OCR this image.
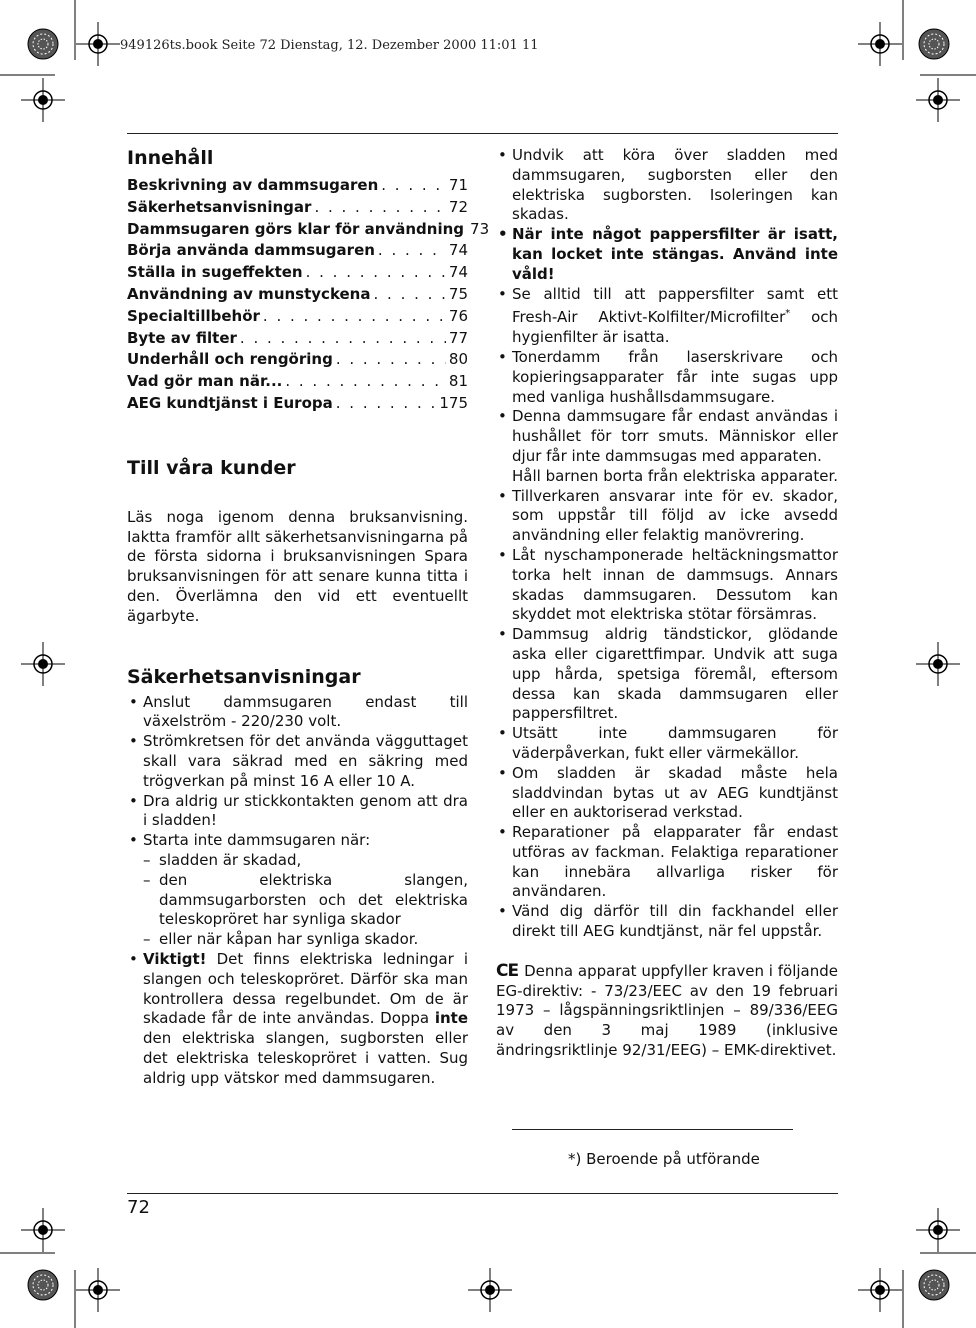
949126ts.book Seite 72 Dienstag, 12. Dezember 2000 11:01 11
Innehåll
Beskrivning av dammsugaren . . .	71
Säkerhetsanvisningar . . .	72
Dammsugaren görs klar för användning 73
Börja använda dammsugaren . . .	74
Ställa in sugeffekten . . .	74
Användning av munstyckena . . .	75
Specialtillbehör . . .	76
Byte av filter . . .	77
Underhåll och rengöring . . .	80
Vad gör man när... . . .	81
AEG kundtjänst i Europa . . .	175
Till våra kunder

Läs noga igenom denna bruksanvisning. Iaktta framför allt säkerhetsanvisningarna på de första sidorna i bruksanvisningen Spara bruksanvisningen för att senare kunna titta i den. Överlämna den vid ett eventuellt ägarbyte.

Säkerhetsanvisningar
• Anslut dammsugaren endast till växelström - 220/230 volt.
• Strömkretsen för det använda vägguttaget skall vara säkrad med en säkring med trögverkan på minst 16 A eller 10 A.
• Dra aldrig ur stickkontakten genom att dra i sladden!
• Starta inte dammsugaren när:
– sladden är skadad,
– den elektriska slangen, dammsugarborsten och det elektriska teleskopröret har synliga skador
– eller när kåpan har synliga skador.
• Viktigt! Det finns elektriska ledningar i slangen och teleskopröret. Därför ska man kontrollera dessa regelbundet. Om de är skadade får de inte användas. Doppa inte den elektriska slangen, sugborsten eller det elektriska teleskopröret i vatten. Sug aldrig upp vätskor med dammsugaren.
• Undvik att köra över sladden med dammsugaren, sugborsten eller den elektriska sugborsten. Isoleringen kan skadas.
• När inte något pappersfilter är isatt, kan locket inte stängas. Använd inte våld!
• Se alltid till att pappersfilter samt ett Fresh-Air Aktivt-Kolfilter/Microfilter* och hygienfilter är isatta.
• Tonerdamm från laserskrivare och kopieringsapparater får inte sugas upp med vanliga hushållsdammsugare.
• Denna dammsugare får endast användas i hushållet för torr smuts. Människor eller djur får inte dammsugas med apparaten.
Håll barnen borta från elektriska apparater.
• Tillverkaren ansvarar inte för ev. skador, som uppstår till följd av icke avsedd användning eller felaktig manövrering.
• Låt nyschamponerade heltäckningsmattor torka helt innan de dammsugs. Annars skadas dammsugaren. Dessutom kan skyddet mot elektriska stötar försämras.
• Dammsug aldrig tändstickor, glödande aska eller cigarettfimpar. Undvik att suga upp hårda, spetsiga föremål, eftersom dessa kan skada dammsugaren eller pappersfiltret.
• Utsätt inte dammsugaren för väderpåverkan, fukt eller värmekällor.
• Om sladden är skadad måste hela sladdvindan bytas ut av AEG kundtjänst eller en auktoriserad verkstad.
• Reparationer på elapparater får endast utföras av fackman. Felaktiga reparationer kan innebära allvarliga risker för användaren.
• Vänd dig därför till din fackhandel eller direkt till AEG kundtjänst, när fel uppstår.

CE Denna apparat uppfyller kraven i följande EG-direktiv: - 73/23/EEC av den 19 februari 1973 – lågspänningsriktlinjen – 89/336/EEG av den 3 maj 1989 (inklusive ändringsriktlinje 92/31/EEG) – EMK-direktivet.

*) Beroende på utförande
72
